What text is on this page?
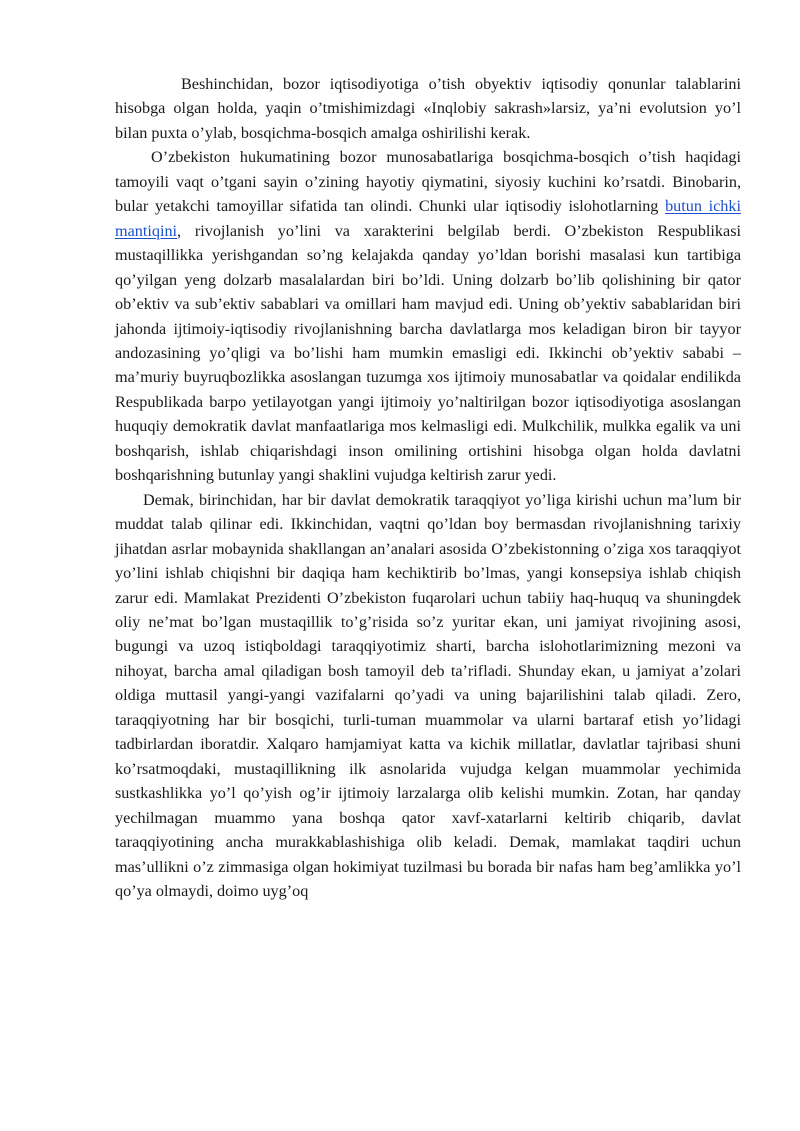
Beshinchidan, bozor iqtisodiyotiga o’tish obyektiv iqtisodiy qonunlar talablarini hisobga olgan holda, yaqin o’tmishimizdagi «Inqlobiy sakrash»larsiz, ya’ni evolutsion yo’l bilan puxta o’ylab, bosqichma-bosqich amalga oshirilishi kerak.

O’zbekiston hukumatining bozor munosabatlariga bosqichma-bosqich o’tish haqidagi tamoyili vaqt o’tgani sayin o’zining hayotiy qiymatini, siyosiy kuchini ko’rsatdi. Binobarin, bular yetakchi tamoyillar sifatida tan olindi. Chunki ular iqtisodiy islohotlarning butun ichki mantiqini, rivojlanish yo’lini va xarakterini belgilab berdi. O’zbekiston Respublikasi mustaqillikka yerishgandan so’ng kelajakda qanday yo’ldan borishi masalasi kun tartibiga qo’yilgan yeng dolzarb masalalardan biri bo’ldi. Uning dolzarb bo’lib qolishining bir qator ob’ektiv va sub’ektiv sabablari va omillari ham mavjud edi. Uning ob’yektiv sabablaridan biri jahonda ijtimoiy-iqtisodiy rivojlanishning barcha davlatlarga mos keladigan biron bir tayyor andozasining yo’qligi va bo’lishi ham mumkin emasligi edi. Ikkinchi ob’yektiv sababi – ma’muriy buyruqbozlikka asoslangan tuzumga xos ijtimoiy munosabatlar va qoidalar endilikda Respublikada barpo yetilayotgan yangi ijtimoiy yo’naltirilgan bozor iqtisodiyotiga asoslangan huquqiy demokratik davlat manfaatlariga mos kelmasligi edi. Mulkchilik, mulkka egalik va uni boshqarish, ishlab chiqarishdagi inson omilining ortishini hisobga olgan holda davlatni boshqarishning butunlay yangi shaklini vujudga keltirish zarur yedi.

Demak, birinchidan, har bir davlat demokratik taraqqiyot yo’liga kirishi uchun ma’lum bir muddat talab qilinar edi. Ikkinchidan, vaqtni qo’ldan boy bermasdan rivojlanishning tarixiy jihatdan asrlar mobaynida shakllangan an’analari asosida O’zbekistonning o’ziga xos taraqqiyot yo’lini ishlab chiqishni bir daqiqa ham kechiktirib bo’lmas, yangi konsepsiya ishlab chiqish zarur edi. Mamlakat Prezidenti O’zbekiston fuqarolari uchun tabiiy haq-huquq va shuningdek oliy ne’mat bo’lgan mustaqillik to’g’risida so’z yuritar ekan, uni jamiyat rivojining asosi, bugungi va uzoq istiqboldagi taraqqiyotimiz sharti, barcha islohotlarimizning mezoni va nihoyat, barcha amal qiladigan bosh tamoyil deb ta’rifladi. Shunday ekan, u jamiyat a’zolari oldiga muttasil yangi-yangi vazifalarni qo’yadi va uning bajarilishini talab qiladi. Zero, taraqqiyotning har bir bosqichi, turli-tuman muammolar va ularni bartaraf etish yo’lidagi tadbirlardan iboratdir. Xalqaro hamjamiyat katta va kichik millatlar, davlatlar tajribasi shuni ko’rsatmoqdaki, mustaqillikning ilk asnolarida vujudga kelgan muammolar yechimida sustkashlikka yo’l qo’yish og’ir ijtimoiy larzalarga olib kelishi mumkin. Zotan, har qanday yechilmagan muammo yana boshqa qator xavf-xatarlarni keltirib chiqarib, davlat taraqqiyotining ancha murakkablashishiga olib keladi. Demak, mamlakat taqdiri uchun mas’ullikni o’z zimmasiga olgan hokimiyat tuzilmasi bu borada bir nafas ham beg’amlikka yo’l qo’ya olmaydi, doimo uyg’oq
